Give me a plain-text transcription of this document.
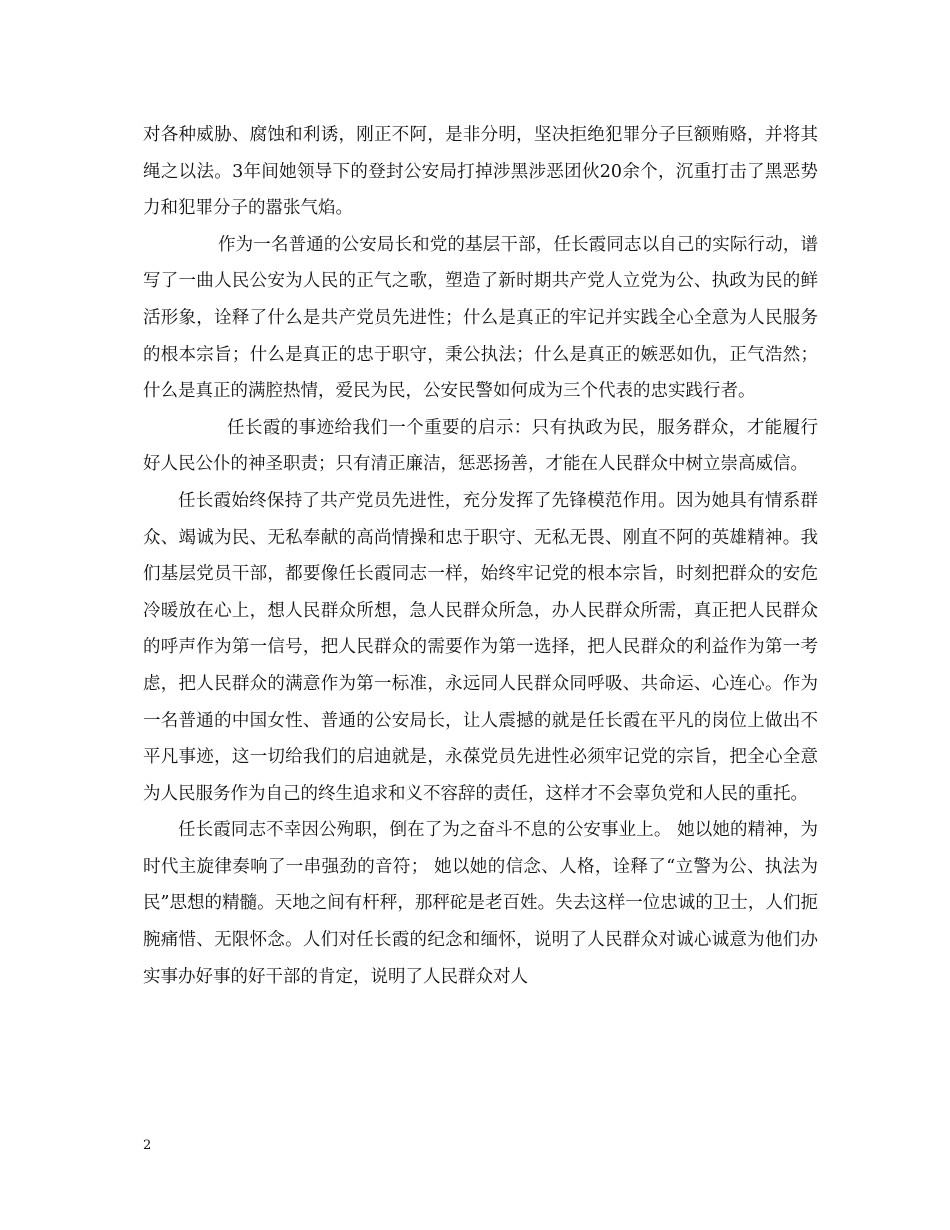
对各种威胁、腐蚀和利诱，刚正不阿，是非分明，坚决拒绝犯罪分子巨额贿赂，并将其绳之以法。3年间她领导下的登封公安局打掉涉黑涉恶团伙20余个，沉重打击了黑恶势力和犯罪分子的嚣张气焰。

作为一名普通的公安局长和党的基层干部，任长霞同志以自己的实际行动，谱写了一曲人民公安为人民的正气之歌，塑造了新时期共产党人立党为公、执政为民的鲜活形象，诠释了什么是共产党员先进性；什么是真正的牢记并实践全心全意为人民服务的根本宗旨；什么是真正的忠于职守，秉公执法；什么是真正的嫉恶如仇，正气浩然；什么是真正的满腔热情，爱民为民，公安民警如何成为三个代表的忠实践行者。

任长霞的事迹给我们一个重要的启示：只有执政为民，服务群众，才能履行好人民公仆的神圣职责；只有清正廉洁，惩恶扬善，才能在人民群众中树立崇高威信。

任长霞始终保持了共产党员先进性，充分发挥了先锋模范作用。因为她具有情系群众、竭诚为民、无私奉献的高尚情操和忠于职守、无私无畏、刚直不阿的英雄精神。我们基层党员干部，都要像任长霞同志一样，始终牢记党的根本宗旨，时刻把群众的安危冷暖放在心上，想人民群众所想，急人民群众所急，办人民群众所需，真正把人民群众的呼声作为第一信号，把人民群众的需要作为第一选择，把人民群众的利益作为第一考虑，把人民群众的满意作为第一标准，永远同人民群众同呼吸、共命运、心连心。作为一名普通的中国女性、普通的公安局长，让人震撼的就是任长霞在平凡的岗位上做出不平凡事迹，这一切给我们的启迪就是，永葆党员先进性必须牢记党的宗旨，把全心全意为人民服务作为自己的终生追求和义不容辞的责任，这样才不会辜负党和人民的重托。

任长霞同志不幸因公殉职，倒在了为之奋斗不息的公安事业上。 她以她的精神，为时代主旋律奏响了一串强劲的音符； 她以她的信念、人格，诠释了“立警为公、执法为民”思想的精髓。天地之间有杆秤，那秤砣是老百姓。失去这样一位忠诚的卫士，人们扼腕痛惜、无限怀念。人们对任长霞的纪念和缅怀，说明了人民群众对诚心诚意为他们办实事办好事的好干部的肯定，说明了人民群众对人

2
